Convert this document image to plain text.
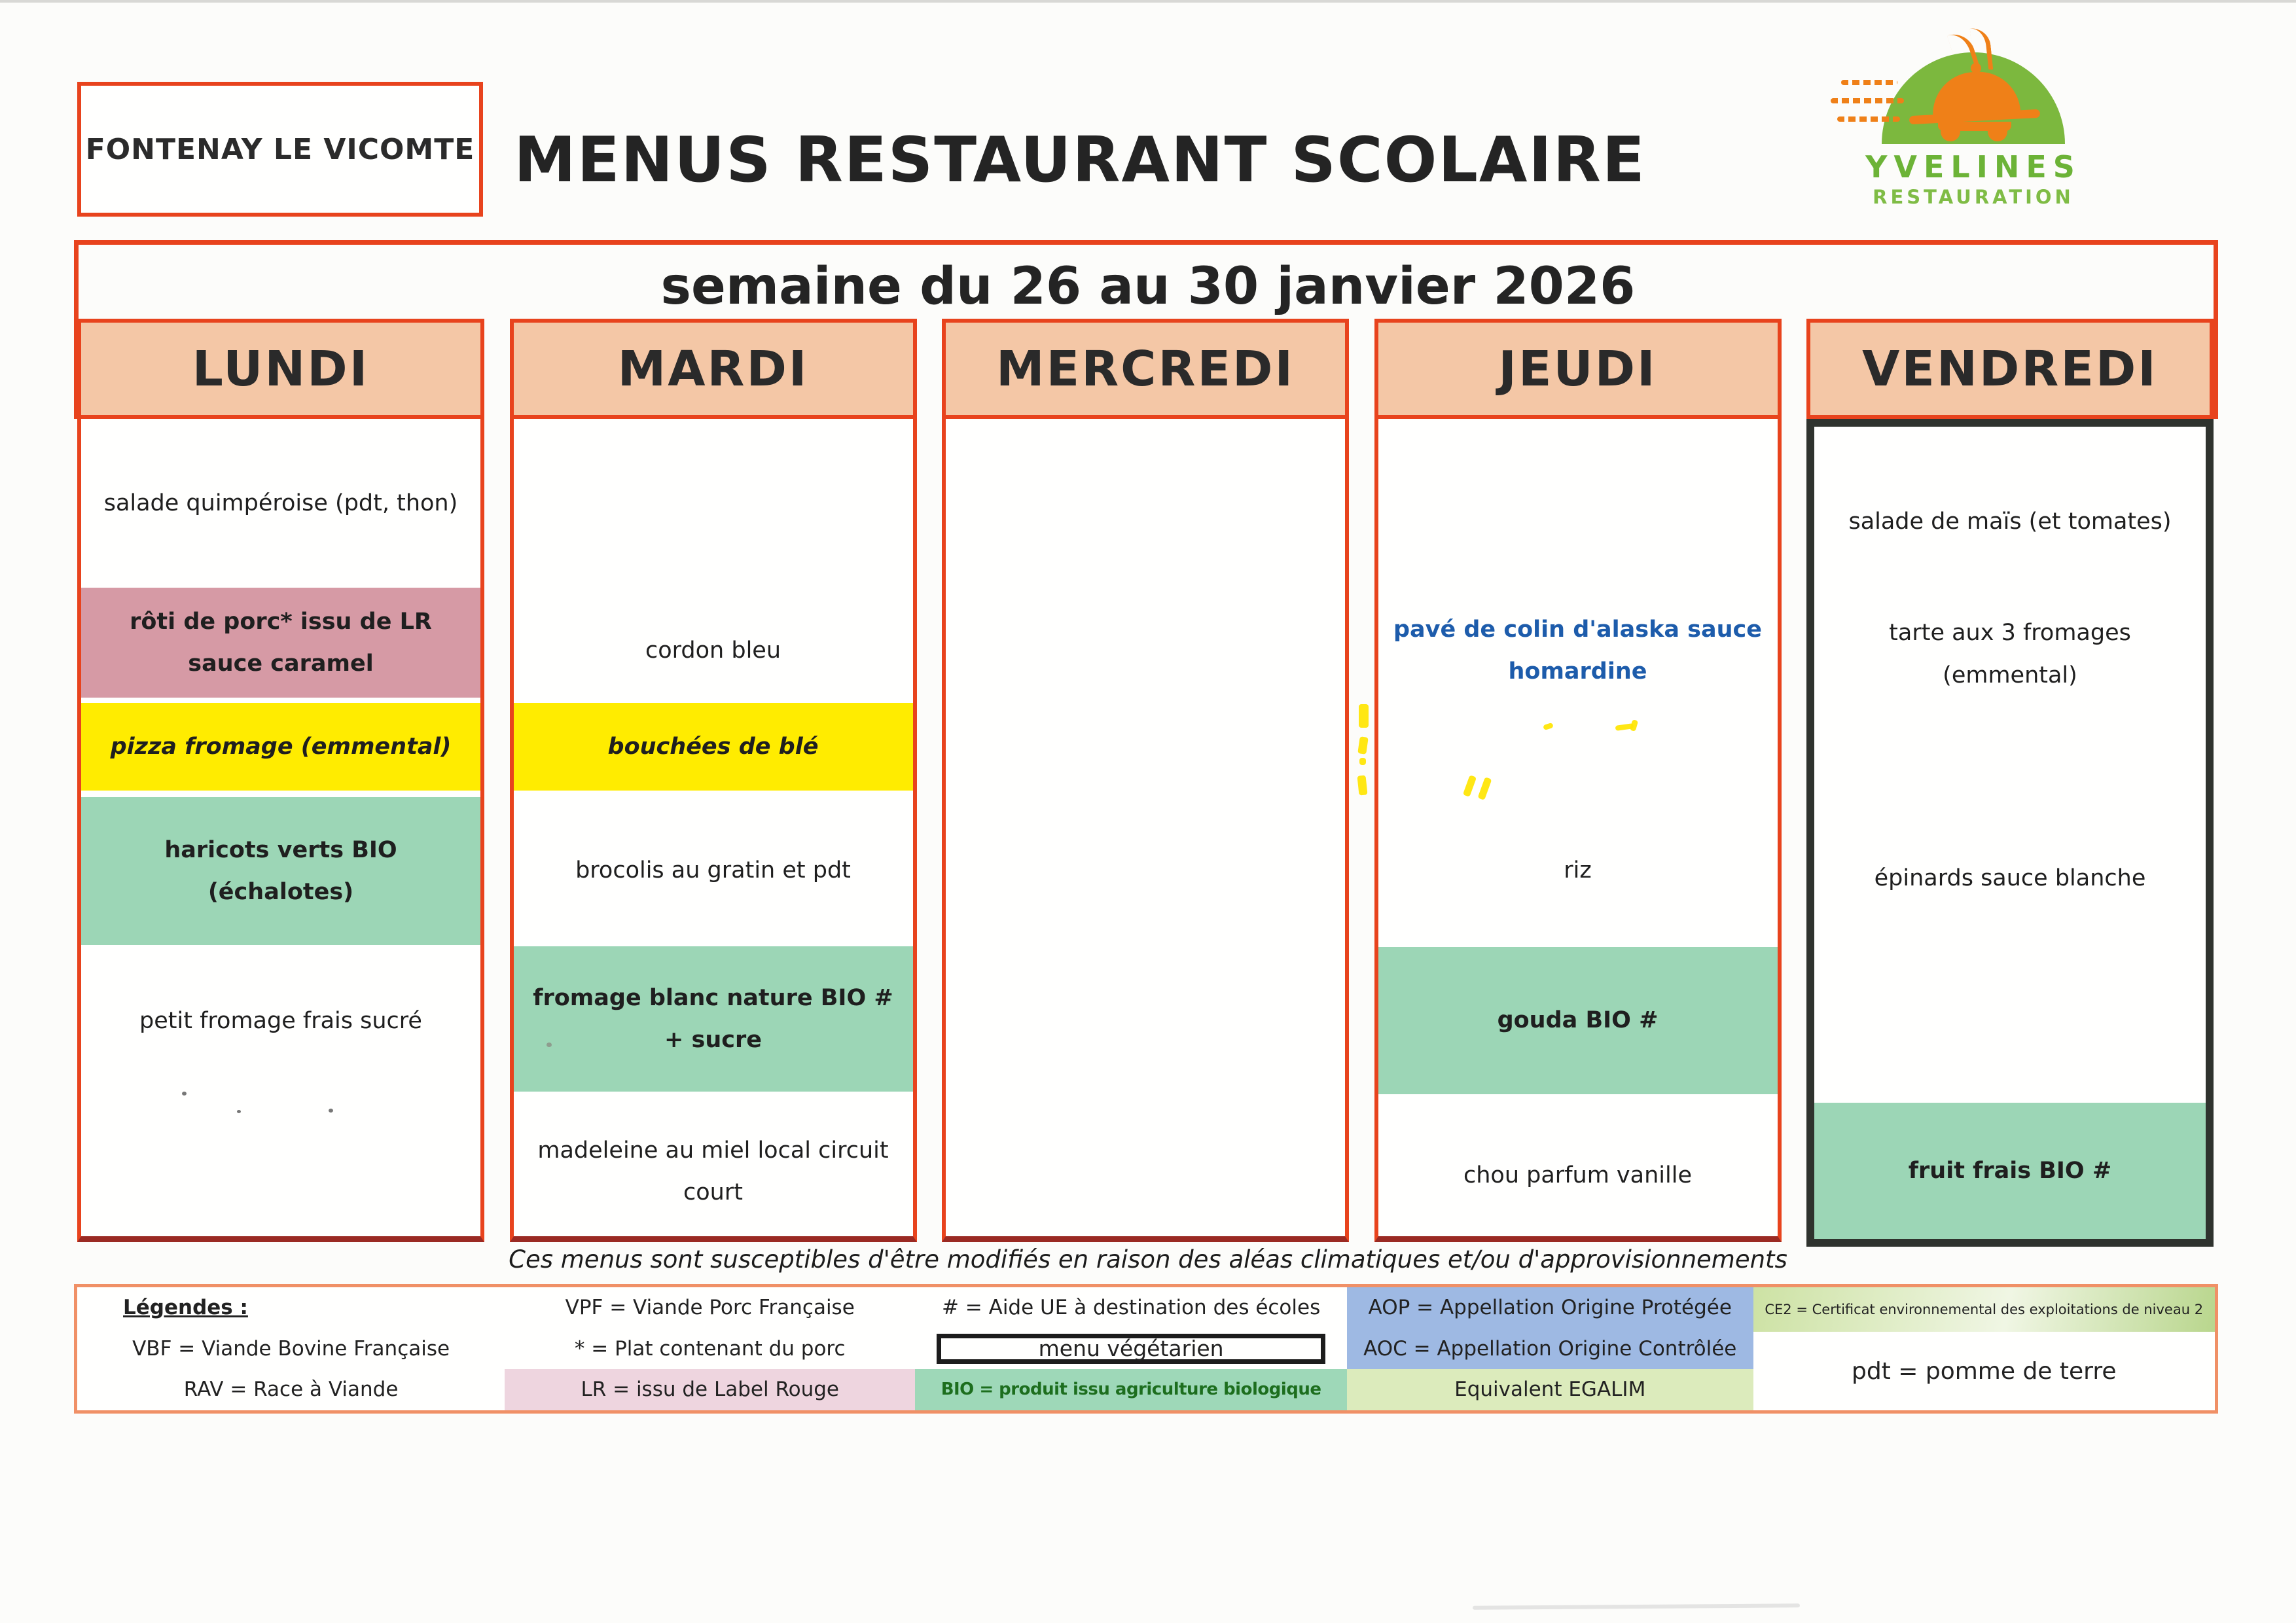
FONTENAY LE VICOMTE MENUS RESTAURANT SCOLAIRE	YVELINES
RESTAURATION
semaine du 26 au 30 janvier 2026
LUNDI
salade quimpéroise (pdt, thon)
rôti de porc* issu de LR
sauce caramel
pizza fromage (emmental)
haricots verts BIO
(échalotes)
petit fromage frais sucré
MARDI
cordon bleu
bouchées de blé
brocolis au gratin et pdt
fromage blanc nature BIO #
+ sucre
madeleine au miel local circuit
court
MERCREDI	JEUDI
pavé de colin d'alaska sauce
homardine
riz
gouda BIO #
chou parfum vanille
VENDREDI
salade de maïs (et tomates)
tarte aux 3 fromages
(emmental)
épinards sauce blanche
fruit frais BIO #
Ces menus sont susceptibles d'être modifiés en raison des aléas climatiques et/ou d'approvisionnements
Légendes :
VBF = Viande Bovine Française
RAV = Race à Viande
VPF = Viande Porc Française
* = Plat contenant du porc
LR = issu de Label Rouge
# = Aide UE à destination des écoles
menu végétarien
BIO = produit issu agriculture biologique
AOP = Appellation Origine Protégée
AOC = Appellation Origine Contrôlée
Equivalent EGALIM
CE2 = Certificat environnemental des exploitations de niveau 2
pdt = pomme de terre
